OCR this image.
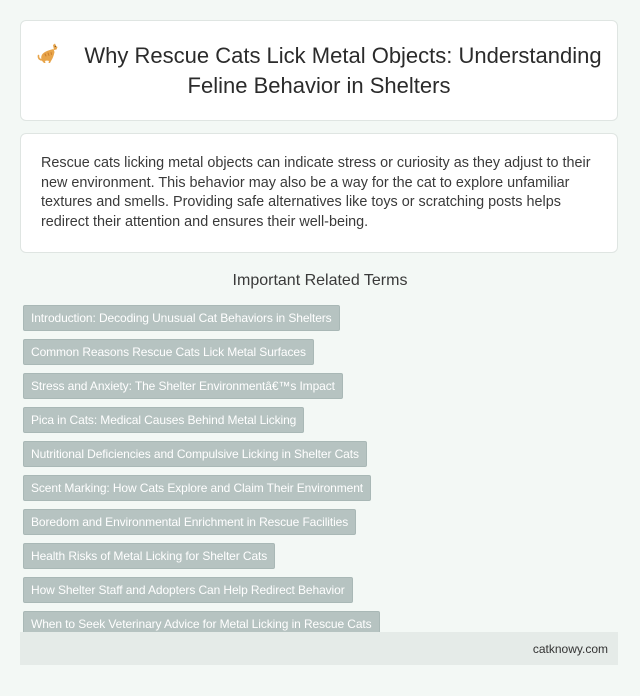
Why Rescue Cats Lick Metal Objects: Understanding Feline Behavior in Shelters

Rescue cats licking metal objects can indicate stress or curiosity as they adjust to their new environment. This behavior may also be a way for the cat to explore unfamiliar textures and smells. Providing safe alternatives like toys or scratching posts helps redirect their attention and ensures their well-being.

Important Related Terms
Introduction: Decoding Unusual Cat Behaviors in Shelters
Common Reasons Rescue Cats Lick Metal Surfaces
Stress and Anxiety: The Shelter Environmentâ€™s Impact
Pica in Cats: Medical Causes Behind Metal Licking
Nutritional Deficiencies and Compulsive Licking in Shelter Cats
Scent Marking: How Cats Explore and Claim Their Environment
Boredom and Environmental Enrichment in Rescue Facilities
Health Risks of Metal Licking for Shelter Cats
How Shelter Staff and Adopters Can Help Redirect Behavior
When to Seek Veterinary Advice for Metal Licking in Rescue Cats
catknowy.com
